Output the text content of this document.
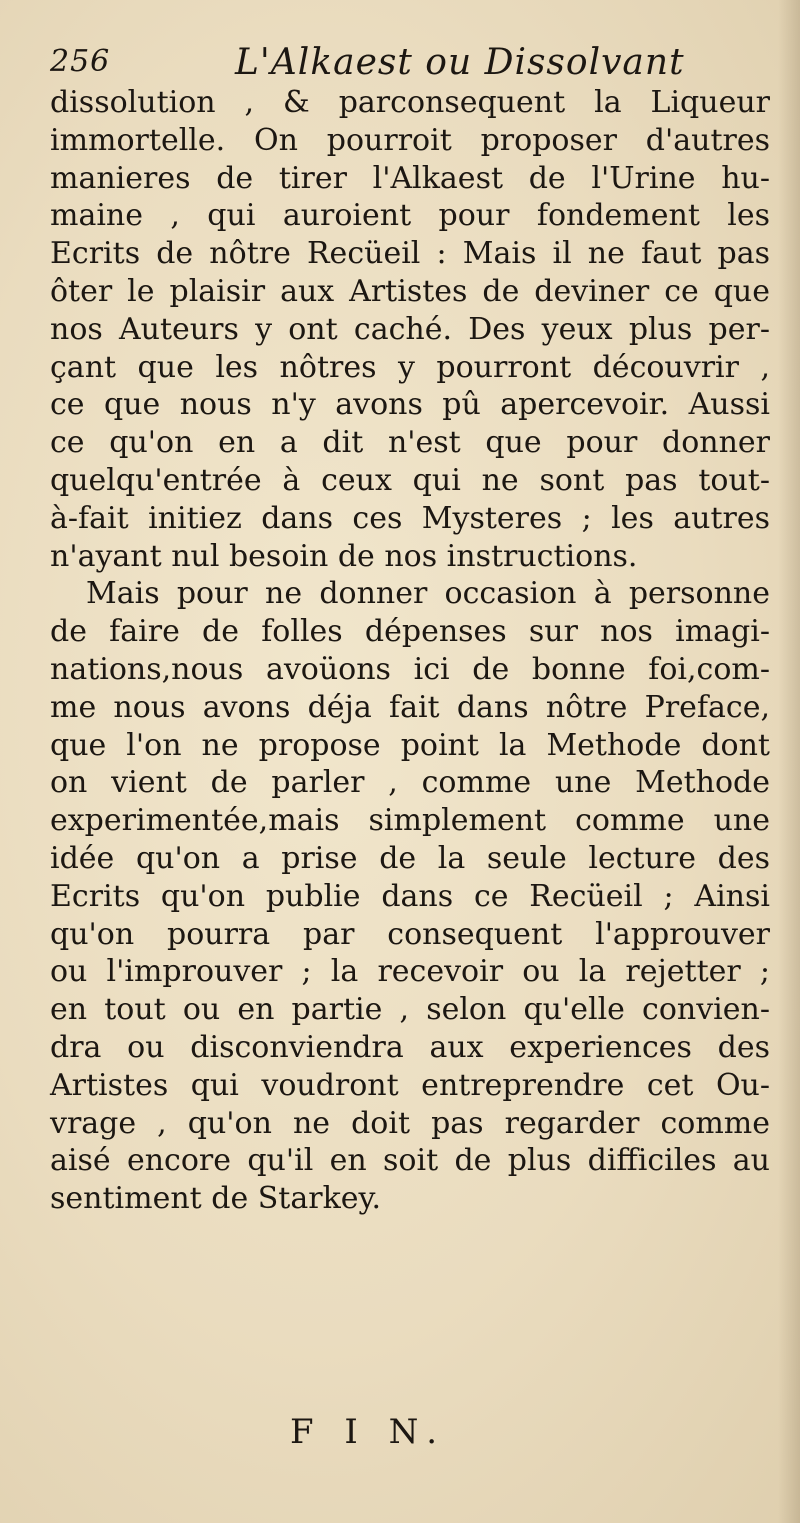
256	L'Alkaest ou Dissolvant
dissolution , & parconsequent la Liqueur
immortelle. On pourroit proposer d'autres
manieres de tirer l'Alkaest de l'Urine hu-
maine , qui auroient pour fondement les
Ecrits de nôtre Recüeil : Mais il ne faut pas
ôter le plaisir aux Artistes de deviner ce que
nos Auteurs y ont caché. Des yeux plus per-
çant que les nôtres y pourront découvrir ,
ce que nous n'y avons pû apercevoir. Aussi
ce qu'on en a dit n'est que pour donner
quelqu'entrée à ceux qui ne sont pas tout-
à-fait initiez dans ces Mysteres ; les autres
n'ayant nul besoin de nos instructions.
Mais pour ne donner occasion à personne
de faire de folles dépenses sur nos imagi-
nations,nous avoüons ici de bonne foi,com-
me nous avons déja fait dans nôtre Preface,
que l'on ne propose point la Methode dont
on vient de parler , comme une Methode
experimentée,mais simplement comme une
idée qu'on a prise de la seule lecture des
Ecrits qu'on publie dans ce Recüeil ; Ainsi
qu'on pourra par consequent l'approuver
ou l'improuver ; la recevoir ou la rejetter ;
en tout ou en partie , selon qu'elle convien-
dra ou disconviendra aux experiences des
Artistes qui voudront entreprendre cet Ou-
vrage , qu'on ne doit pas regarder comme
aisé encore qu'il en soit de plus difficiles au
sentiment de Starkey.
F I N.
